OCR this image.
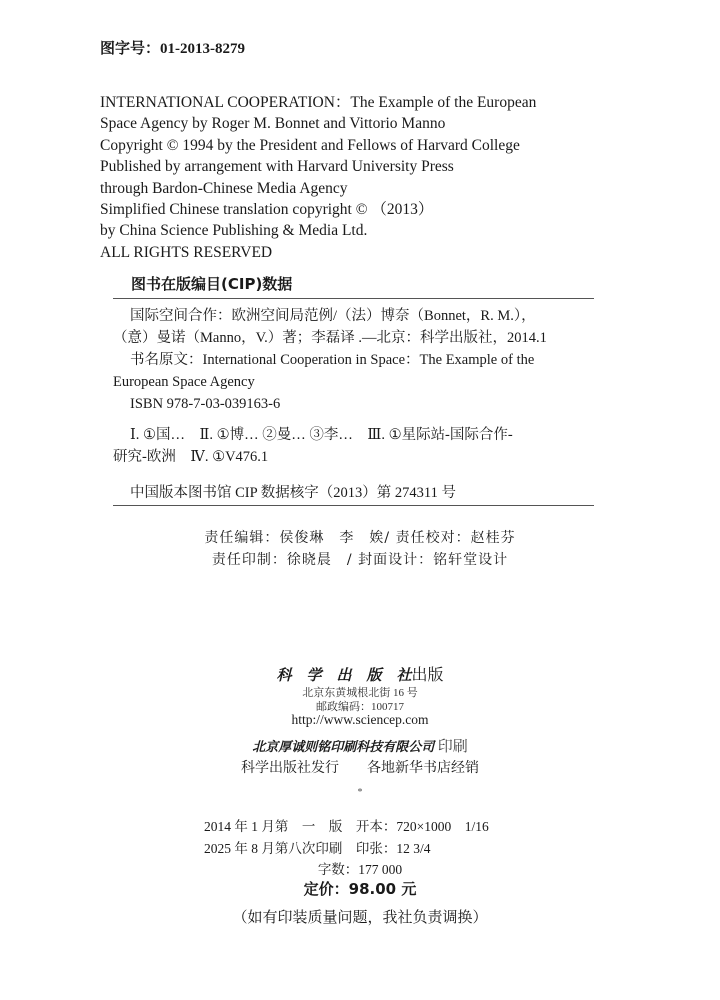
图字号：01-2013-8279
INTERNATIONAL COOPERATION：The Example of the European
Space Agency by Roger M. Bonnet and Vittorio Manno
Copyright © 1994 by the President and Fellows of Harvard College
Published by arrangement with Harvard University Press
through Bardon-Chinese Media Agency
Simplified Chinese translation copyright © （2013）
by China Science Publishing & Media Ltd.
ALL RIGHTS RESERVED
图书在版编目(CIP)数据
国际空间合作：欧洲空间局范例/（法）博奈（Bonnet，R. M.），
（意）曼诺（Manno，V.）著；李磊译 .—北京：科学出版社，2014.1
书名原文：International Cooperation in Space：The Example of the
European Space Agency
ISBN 978-7-03-039163-6
Ⅰ. ①国…　Ⅱ. ①博… ②曼… ③李…　Ⅲ. ①星际站-国际合作-
研究-欧洲　Ⅳ. ①V476.1
中国版本图书馆 CIP 数据核字（2013）第 274311 号
责任编辑：侯俊琳　李　娭/ 责任校对：赵桂芬
责任印制：徐晓晨　/ 封面设计：铭轩堂设计
科　学　出　版　社出版
北京东黄城根北街 16 号
邮政编码：100717
http://www.sciencep.com
北京厚诚则铭印刷科技有限公司 印刷
科学出版社发行　　各地新华书店经销
*
2014 年 1 月第　一　版　开本：720×1000　1/16
2025 年 8 月第八次印刷　印张：12 3/4
字数：177 000
定价：98.00 元
（如有印装质量问题，我社负责调换）
